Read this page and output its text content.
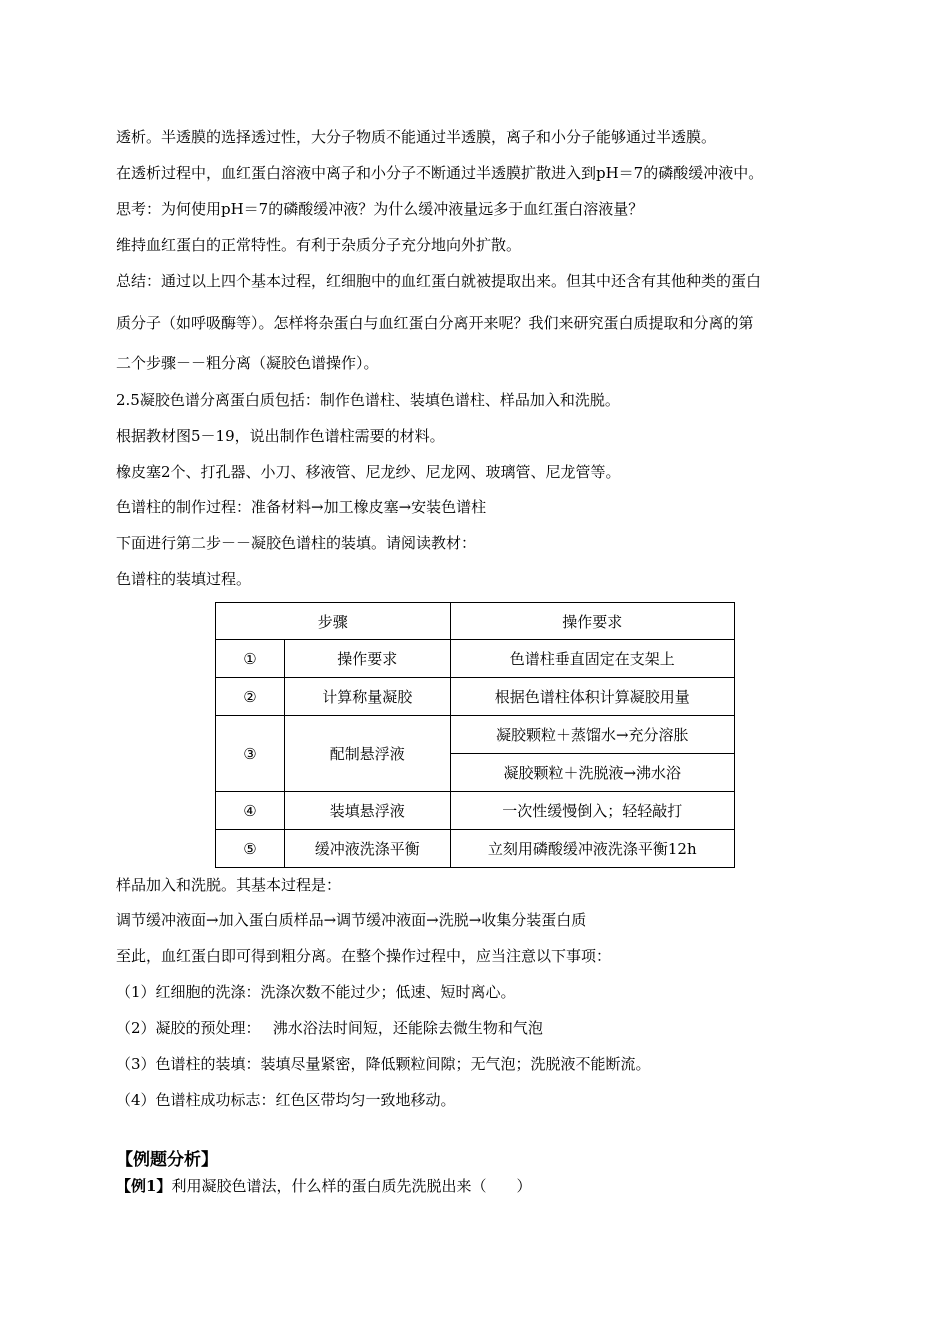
透析。半透膜的选择透过性，大分子物质不能通过半透膜，离子和小分子能够通过半透膜。
在透析过程中，血红蛋白溶液中离子和小分子不断通过半透膜扩散进入到pH＝7的磷酸缓冲液中。
思考：为何使用pH＝7的磷酸缓冲液？为什么缓冲液量远多于血红蛋白溶液量？
维持血红蛋白的正常特性。有利于杂质分子充分地向外扩散。
总结：通过以上四个基本过程，红细胞中的血红蛋白就被提取出来。但其中还含有其他种类的蛋白
质分子（如呼吸酶等）。怎样将杂蛋白与血红蛋白分离开来呢？我们来研究蛋白质提取和分离的第
二个步骤－－粗分离（凝胶色谱操作）。
2.5凝胶色谱分离蛋白质包括：制作色谱柱、装填色谱柱、样品加入和洗脱。
根据教材图5－19，说出制作色谱柱需要的材料。
橡皮塞2个、打孔器、小刀、移液管、尼龙纱、尼龙网、玻璃管、尼龙管等。
色谱柱的制作过程：准备材料→加工橡皮塞→安装色谱柱
下面进行第二步－－凝胶色谱柱的装填。请阅读教材：
色谱柱的装填过程。
步骤		操作要求
①	操作要求	色谱柱垂直固定在支架上
②	计算称量凝胶	根据色谱柱体积计算凝胶用量
③	配制悬浮液	凝胶颗粒＋蒸馏水→充分溶胀
		凝胶颗粒＋洗脱液→沸水浴
④	装填悬浮液	一次性缓慢倒入；轻轻敲打
⑤	缓冲液洗涤平衡	立刻用磷酸缓冲液洗涤平衡12h
样品加入和洗脱。其基本过程是：
调节缓冲液面→加入蛋白质样品→调节缓冲液面→洗脱→收集分装蛋白质
至此，血红蛋白即可得到粗分离。在整个操作过程中，应当注意以下事项：
（1）红细胞的洗涤：洗涤次数不能过少；低速、短时离心。
（2）凝胶的预处理：　 沸水浴法时间短，还能除去微生物和气泡
（3）色谱柱的装填：装填尽量紧密，降低颗粒间隙；无气泡；洗脱液不能断流。
（4）色谱柱成功标志：红色区带均匀一致地移动。
【例题分析】
【例1】利用凝胶色谱法，什么样的蛋白质先洗脱出来（　　）
